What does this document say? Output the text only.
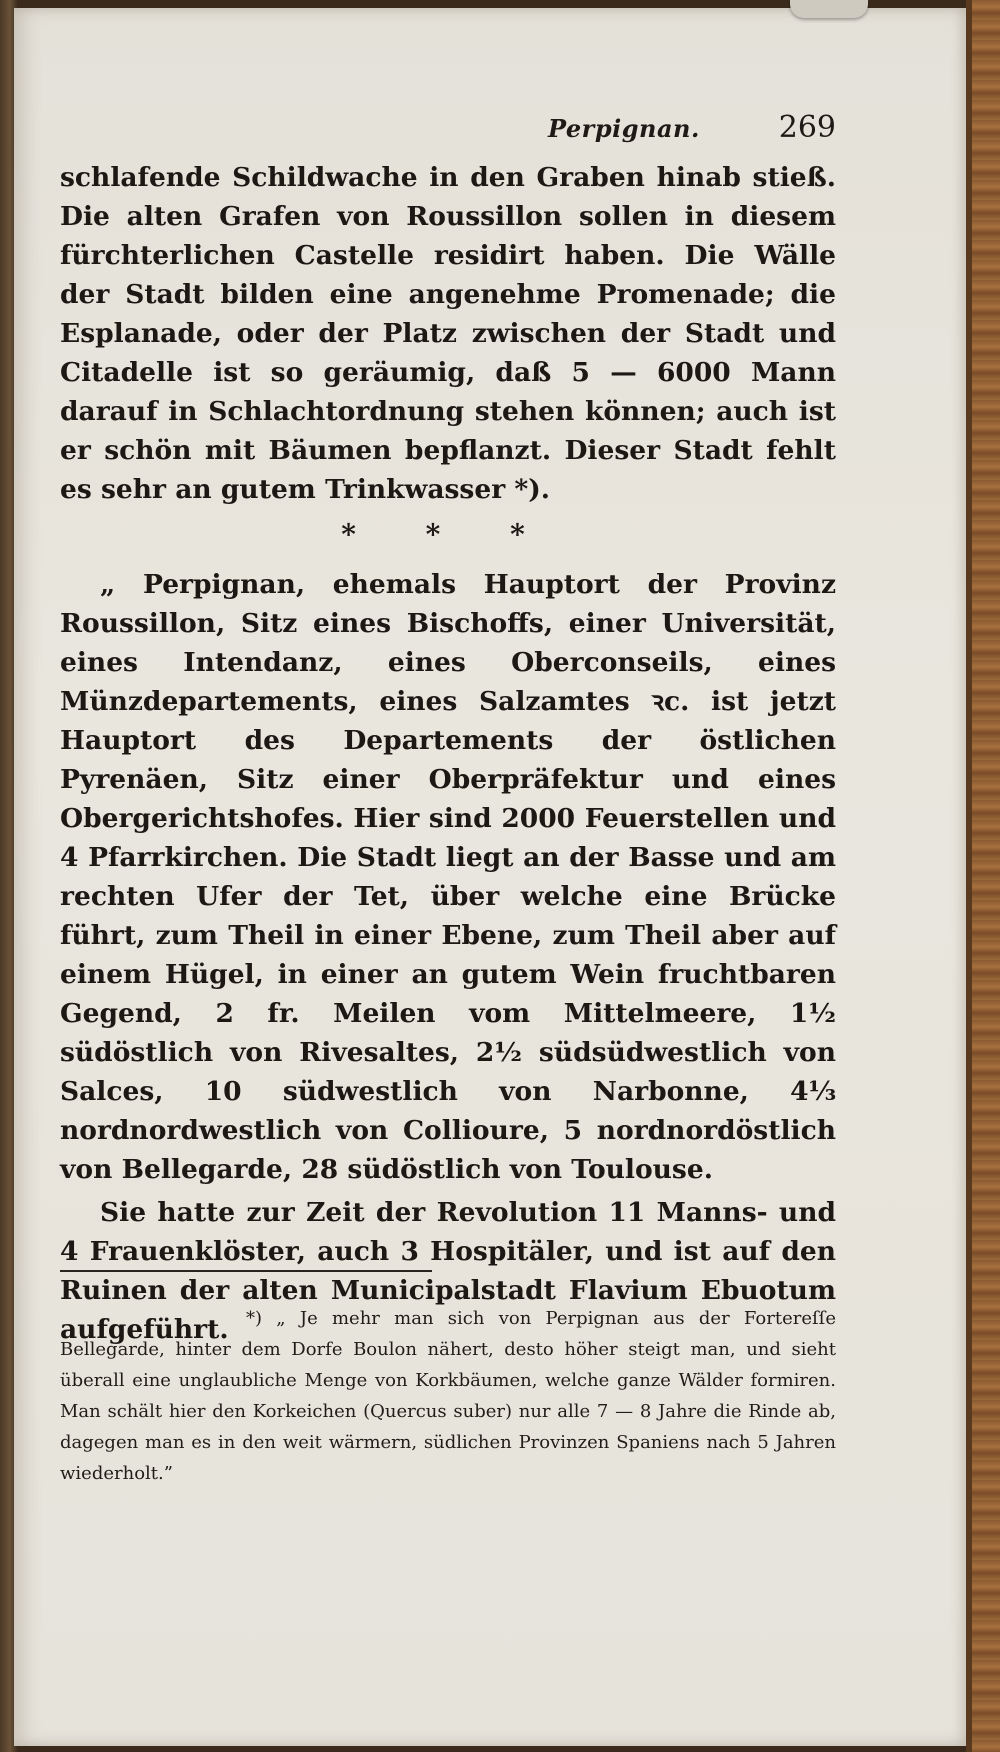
Perpignan.	269

schlafende Schildwache in den Graben hinab stieß. Die alten Grafen von Roussillon sollen in diesem fürchterlichen Castelle residirt haben. Die Wälle der Stadt bilden eine angenehme Promenade; die Esplanade, oder der Platz zwischen der Stadt und Citadelle ist so geräumig, daß 5 — 6000 Mann darauf in Schlachtordnung stehen können; auch ist er schön mit Bäumen bepflanzt. Dieser Stadt fehlt es sehr an gutem Trinkwasser *).

* * *

„ Perpignan, ehemals Hauptort der Provinz Roussillon, Sitz eines Bischoffs, einer Universität, eines Intendanz, eines Oberconseils, eines Münzdepartements, eines Salzamtes ꝛc. ist jetzt Hauptort des Departements der östlichen Pyrenäen, Sitz einer Oberpräfektur und eines Obergerichtshofes. Hier sind 2000 Feuerstellen und 4 Pfarrkirchen. Die Stadt liegt an der Basse und am rechten Ufer der Tet, über welche eine Brücke führt, zum Theil in einer Ebene, zum Theil aber auf einem Hügel, in einer an gutem Wein fruchtbaren Gegend, 2 fr. Meilen vom Mittelmeere, 1½ südöstlich von Rivesaltes, 2½ südsüdwestlich von Salces, 10 südwestlich von Narbonne, 4⅓ nordnordwestlich von Collioure, 5 nordnordöstlich von Bellegarde, 28 südöstlich von Toulouse.

Sie hatte zur Zeit der Revolution 11 Manns- und 4 Frauenklöster, auch 3 Hospitäler, und ist auf den Ruinen der alten Municipalstadt Flavium Ebuotum aufgeführt. *) „ Je mehr man sich von Perpignan aus der Fortereſſe Bellegarde, hinter dem Dorfe Boulon nähert, desto höher steigt man, und sieht überall eine unglaubliche Menge von Korkbäumen, welche ganze Wälder formiren. Man schält hier den Korkeichen (Quercus suber) nur alle 7 — 8 Jahre die Rinde ab, dagegen man es in den weit wärmern, südlichen Provinzen Spaniens nach 5 Jahren wiederholt.”
